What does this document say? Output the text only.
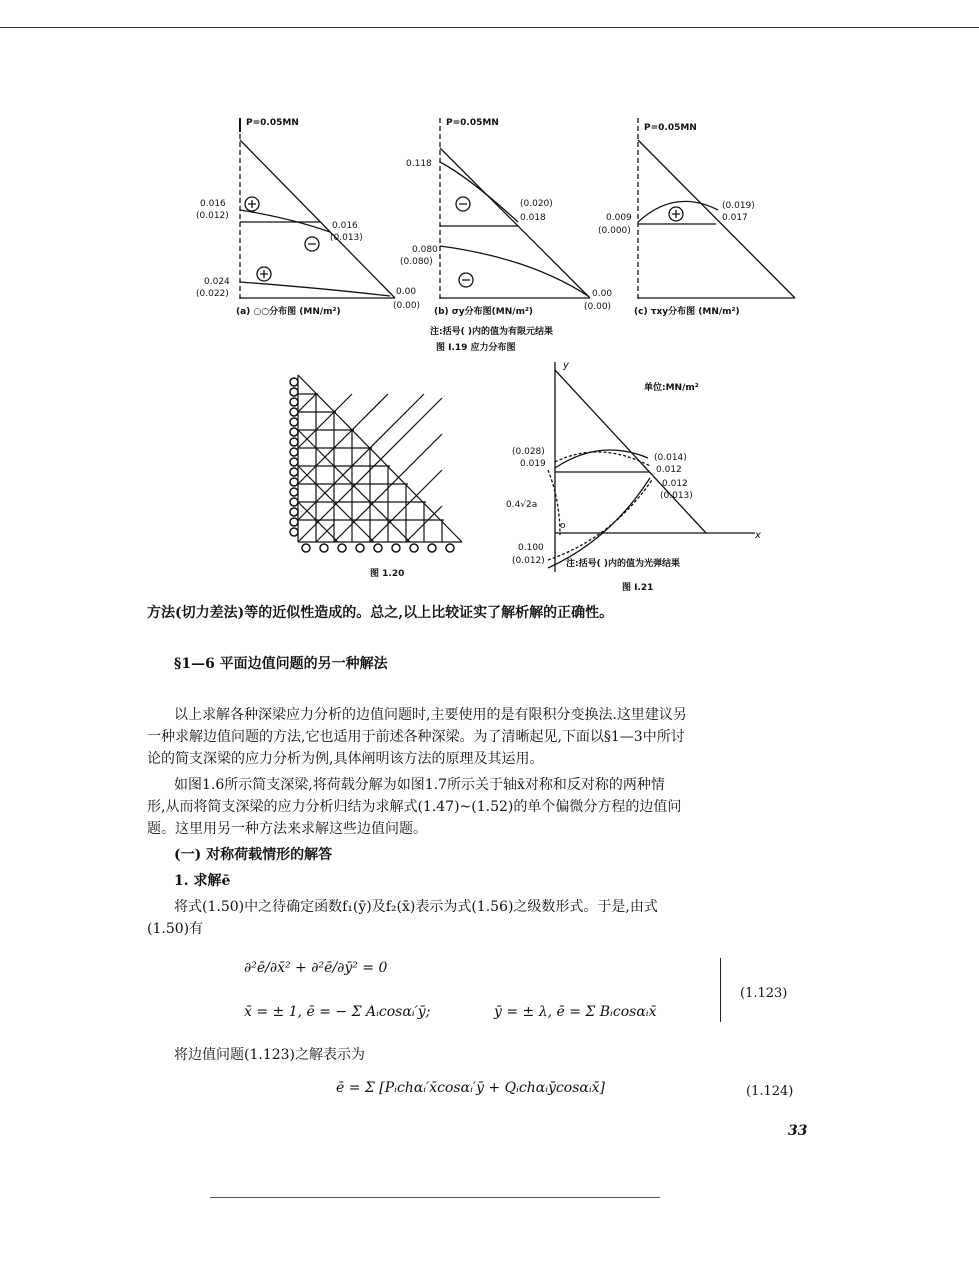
P=0.05MN
0.016
(0.012)
0.016
(0.013)
0.024
(0.022)	0.00
(0.00)
(a) ○○分布图 (MN/m²)
P=0.05MN
0.118
(0.020)
0.018
0.080
(0.080)
0.00
(0.00)
(b) σy分布图(MN/m²)
P=0.05MN
(0.019)
0.009	0.017
(0.000)
(c) τxy分布图 (MN/m²)
注:括号( )内的值为有限元结果
图 I.19 应力分布图
图 1.20
y
x
o
单位:MN/m²
(0.028)
0.019
(0.014)
0.012
0.012
(0.013)
0.4√2a
0.100
(0.012) 注:括号( )内的值为光弹结果
图 I.21
方法(切力差法)等的近似性造成的。总之,以上比较证实了解析解的正确性。
§1—6 平面边值问题的另一种解法
以上求解各种深梁应力分析的边值问题时,主要使用的是有限积分变换法.这里建议另
一种求解边值问题的方法,它也适用于前述各种深梁。为了清晰起见,下面以§1—3中所讨
论的简支深梁的应力分析为例,具体阐明该方法的原理及其运用。
如图1.6所示简支深梁,将荷载分解为如图1.7所示关于轴x̄对称和反对称的两种情
形,从而将简支深梁的应力分析归结为求解式(1.47)~(1.52)的单个偏微分方程的边值问
题。这里用另一种方法来求解这些边值问题。
(一) 对称荷载情形的解答
1. 求解ē
将式(1.50)中之待确定函数f₁(ȳ)及f₂(x̄)表示为式(1.56)之级数形式。于是,由式
(1.50)有
∂²ē/∂x̄² + ∂²ē/∂ȳ² = 0
x̄ = ± 1, ē = − Σ Aᵢcosαᵢ′ȳ;	ȳ = ± λ, ē = Σ Bᵢcosαᵢx̄
(1.123)
将边值问题(1.123)之解表示为
ē = Σ [Pᵢchαᵢ′x̄cosαᵢ′ȳ + Qᵢchαᵢȳcosαᵢx̄]	(1.124)
33
